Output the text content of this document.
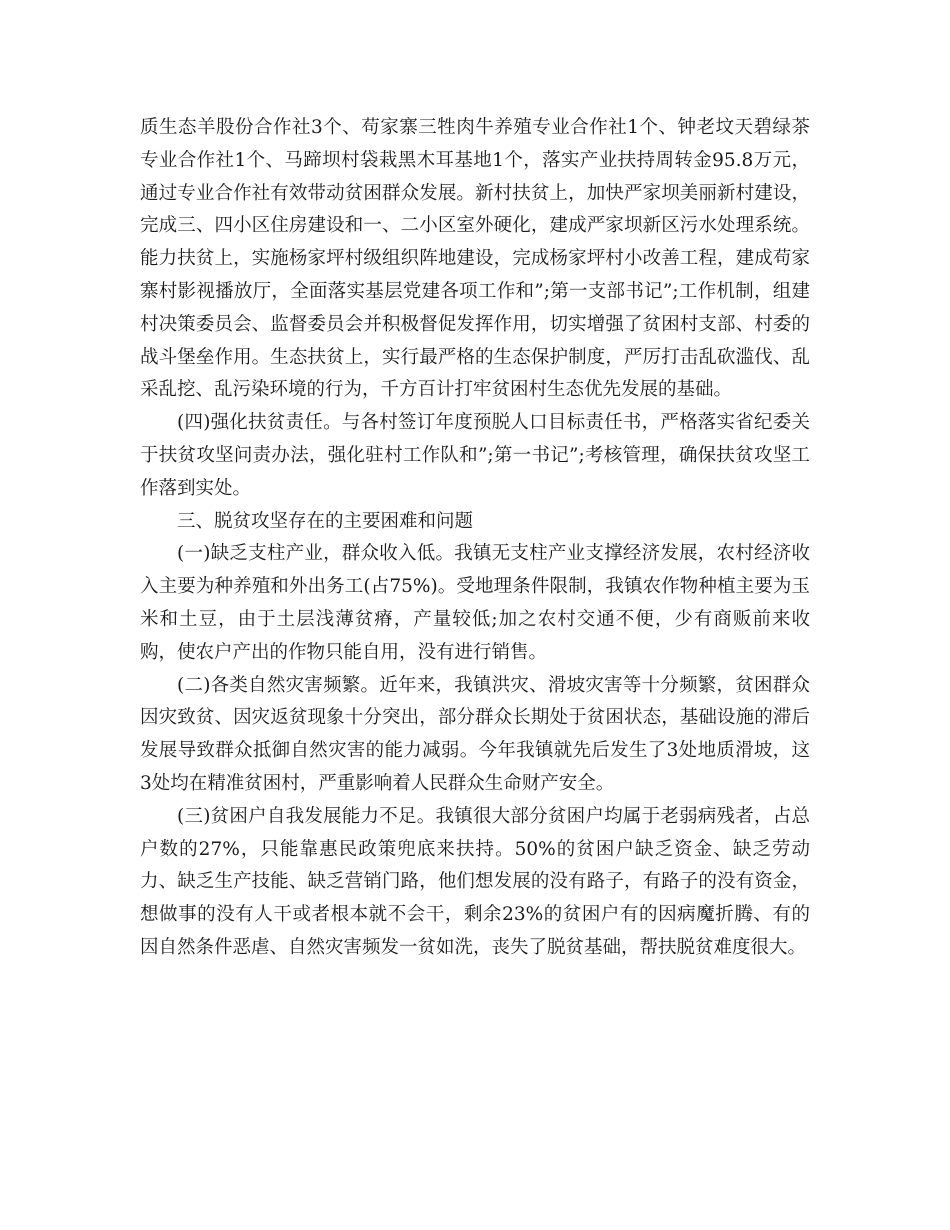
质生态羊股份合作社3个、苟家寨三牲肉牛养殖专业合作社1个、钟老坟天碧绿茶专业合作社1个、马蹄坝村袋栽黑木耳基地1个，落实产业扶持周转金95.8万元，通过专业合作社有效带动贫困群众发展。新村扶贫上，加快严家坝美丽新村建设，完成三、四小区住房建设和一、二小区室外硬化，建成严家坝新区污水处理系统。能力扶贫上，实施杨家坪村级组织阵地建设，完成杨家坪村小改善工程，建成苟家寨村影视播放厅，全面落实基层党建各项工作和”;第一支部书记”;工作机制，组建村决策委员会、监督委员会并积极督促发挥作用，切实增强了贫困村支部、村委的战斗堡垒作用。生态扶贫上，实行最严格的生态保护制度，严厉打击乱砍滥伐、乱采乱挖、乱污染环境的行为，千方百计打牢贫困村生态优先发展的基础。

(四)强化扶贫责任。与各村签订年度预脱人口目标责任书，严格落实省纪委关于扶贫攻坚问责办法，强化驻村工作队和”;第一书记”;考核管理，确保扶贫攻坚工作落到实处。

三、脱贫攻坚存在的主要困难和问题

(一)缺乏支柱产业，群众收入低。我镇无支柱产业支撑经济发展，农村经济收入主要为种养殖和外出务工(占75%)。受地理条件限制，我镇农作物种植主要为玉米和土豆，由于土层浅薄贫瘠，产量较低;加之农村交通不便，少有商贩前来收购，使农户产出的作物只能自用，没有进行销售。

(二)各类自然灾害频繁。近年来，我镇洪灾、滑坡灾害等十分频繁，贫困群众因灾致贫、因灾返贫现象十分突出，部分群众长期处于贫困状态，基础设施的滞后发展导致群众抵御自然灾害的能力减弱。今年我镇就先后发生了3处地质滑坡，这3处均在精准贫困村，严重影响着人民群众生命财产安全。

(三)贫困户自我发展能力不足。我镇很大部分贫困户均属于老弱病残者，占总户数的27%，只能靠惠民政策兜底来扶持。50%的贫困户缺乏资金、缺乏劳动力、缺乏生产技能、缺乏营销门路，他们想发展的没有路子，有路子的没有资金，想做事的没有人干或者根本就不会干，剩余23%的贫困户有的因病魔折腾、有的因自然条件恶虐、自然灾害频发一贫如洗，丧失了脱贫基础，帮扶脱贫难度很大。
